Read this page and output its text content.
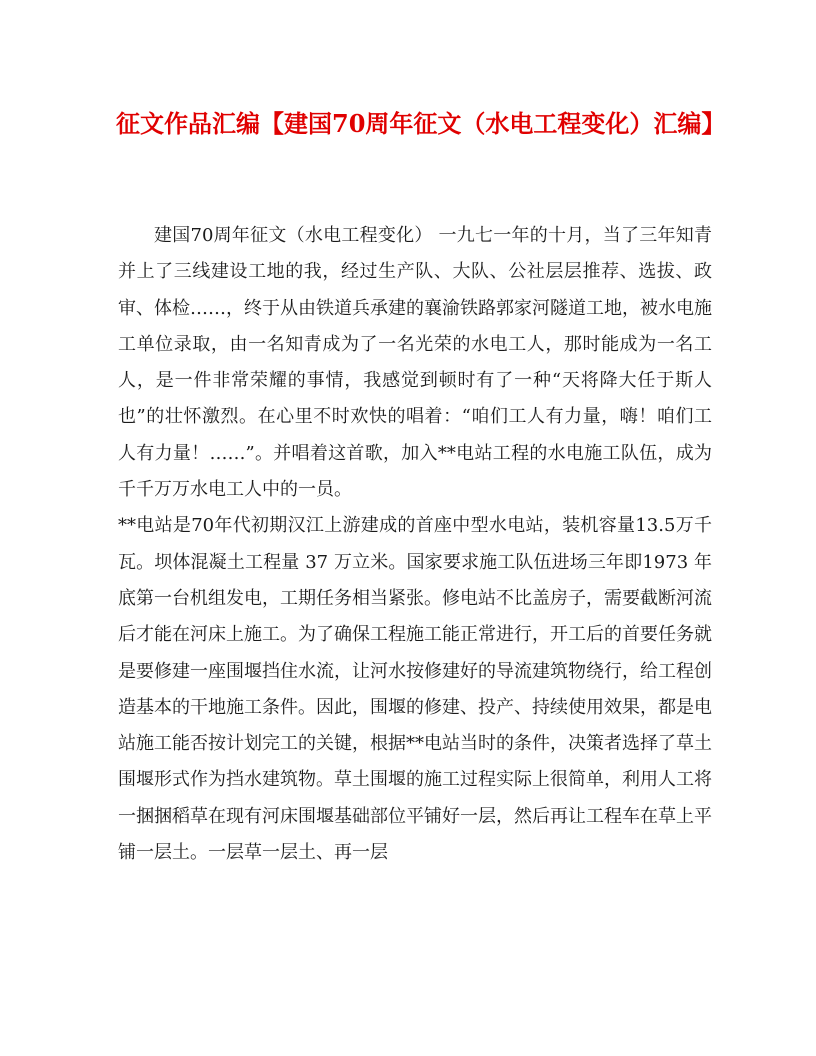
征文作品汇编【建国70周年征文（水电工程变化）汇编】

建国70周年征文（水电工程变化） 一九七一年的十月，当了三年知青并上了三线建设工地的我，经过生产队、大队、公社层层推荐、选拔、政审、体检……，终于从由铁道兵承建的襄渝铁路郭家河隧道工地，被水电施工单位录取，由一名知青成为了一名光荣的水电工人，那时能成为一名工人，是一件非常荣耀的事情，我感觉到顿时有了一种“天将降大任于斯人也”的壮怀激烈。在心里不时欢快的唱着：“咱们工人有力量，嗨！咱们工人有力量！……”。并唱着这首歌，加入**电站工程的水电施工队伍，成为千千万万水电工人中的一员。

**电站是70年代初期汉江上游建成的首座中型水电站，装机容量13.5万千瓦。坝体混凝土工程量 37 万立米。国家要求施工队伍进场三年即1973 年底第一台机组发电，工期任务相当紧张。修电站不比盖房子，需要截断河流后才能在河床上施工。为了确保工程施工能正常进行，开工后的首要任务就是要修建一座围堰挡住水流，让河水按修建好的导流建筑物绕行，给工程创造基本的干地施工条件。因此，围堰的修建、投产、持续使用效果，都是电站施工能否按计划完工的关键，根据**电站当时的条件，决策者选择了草土围堰形式作为挡水建筑物。草土围堰的施工过程实际上很简单，利用人工将一捆捆稻草在现有河床围堰基础部位平铺好一层，然后再让工程车在草上平铺一层土。一层草一层土、再一层
